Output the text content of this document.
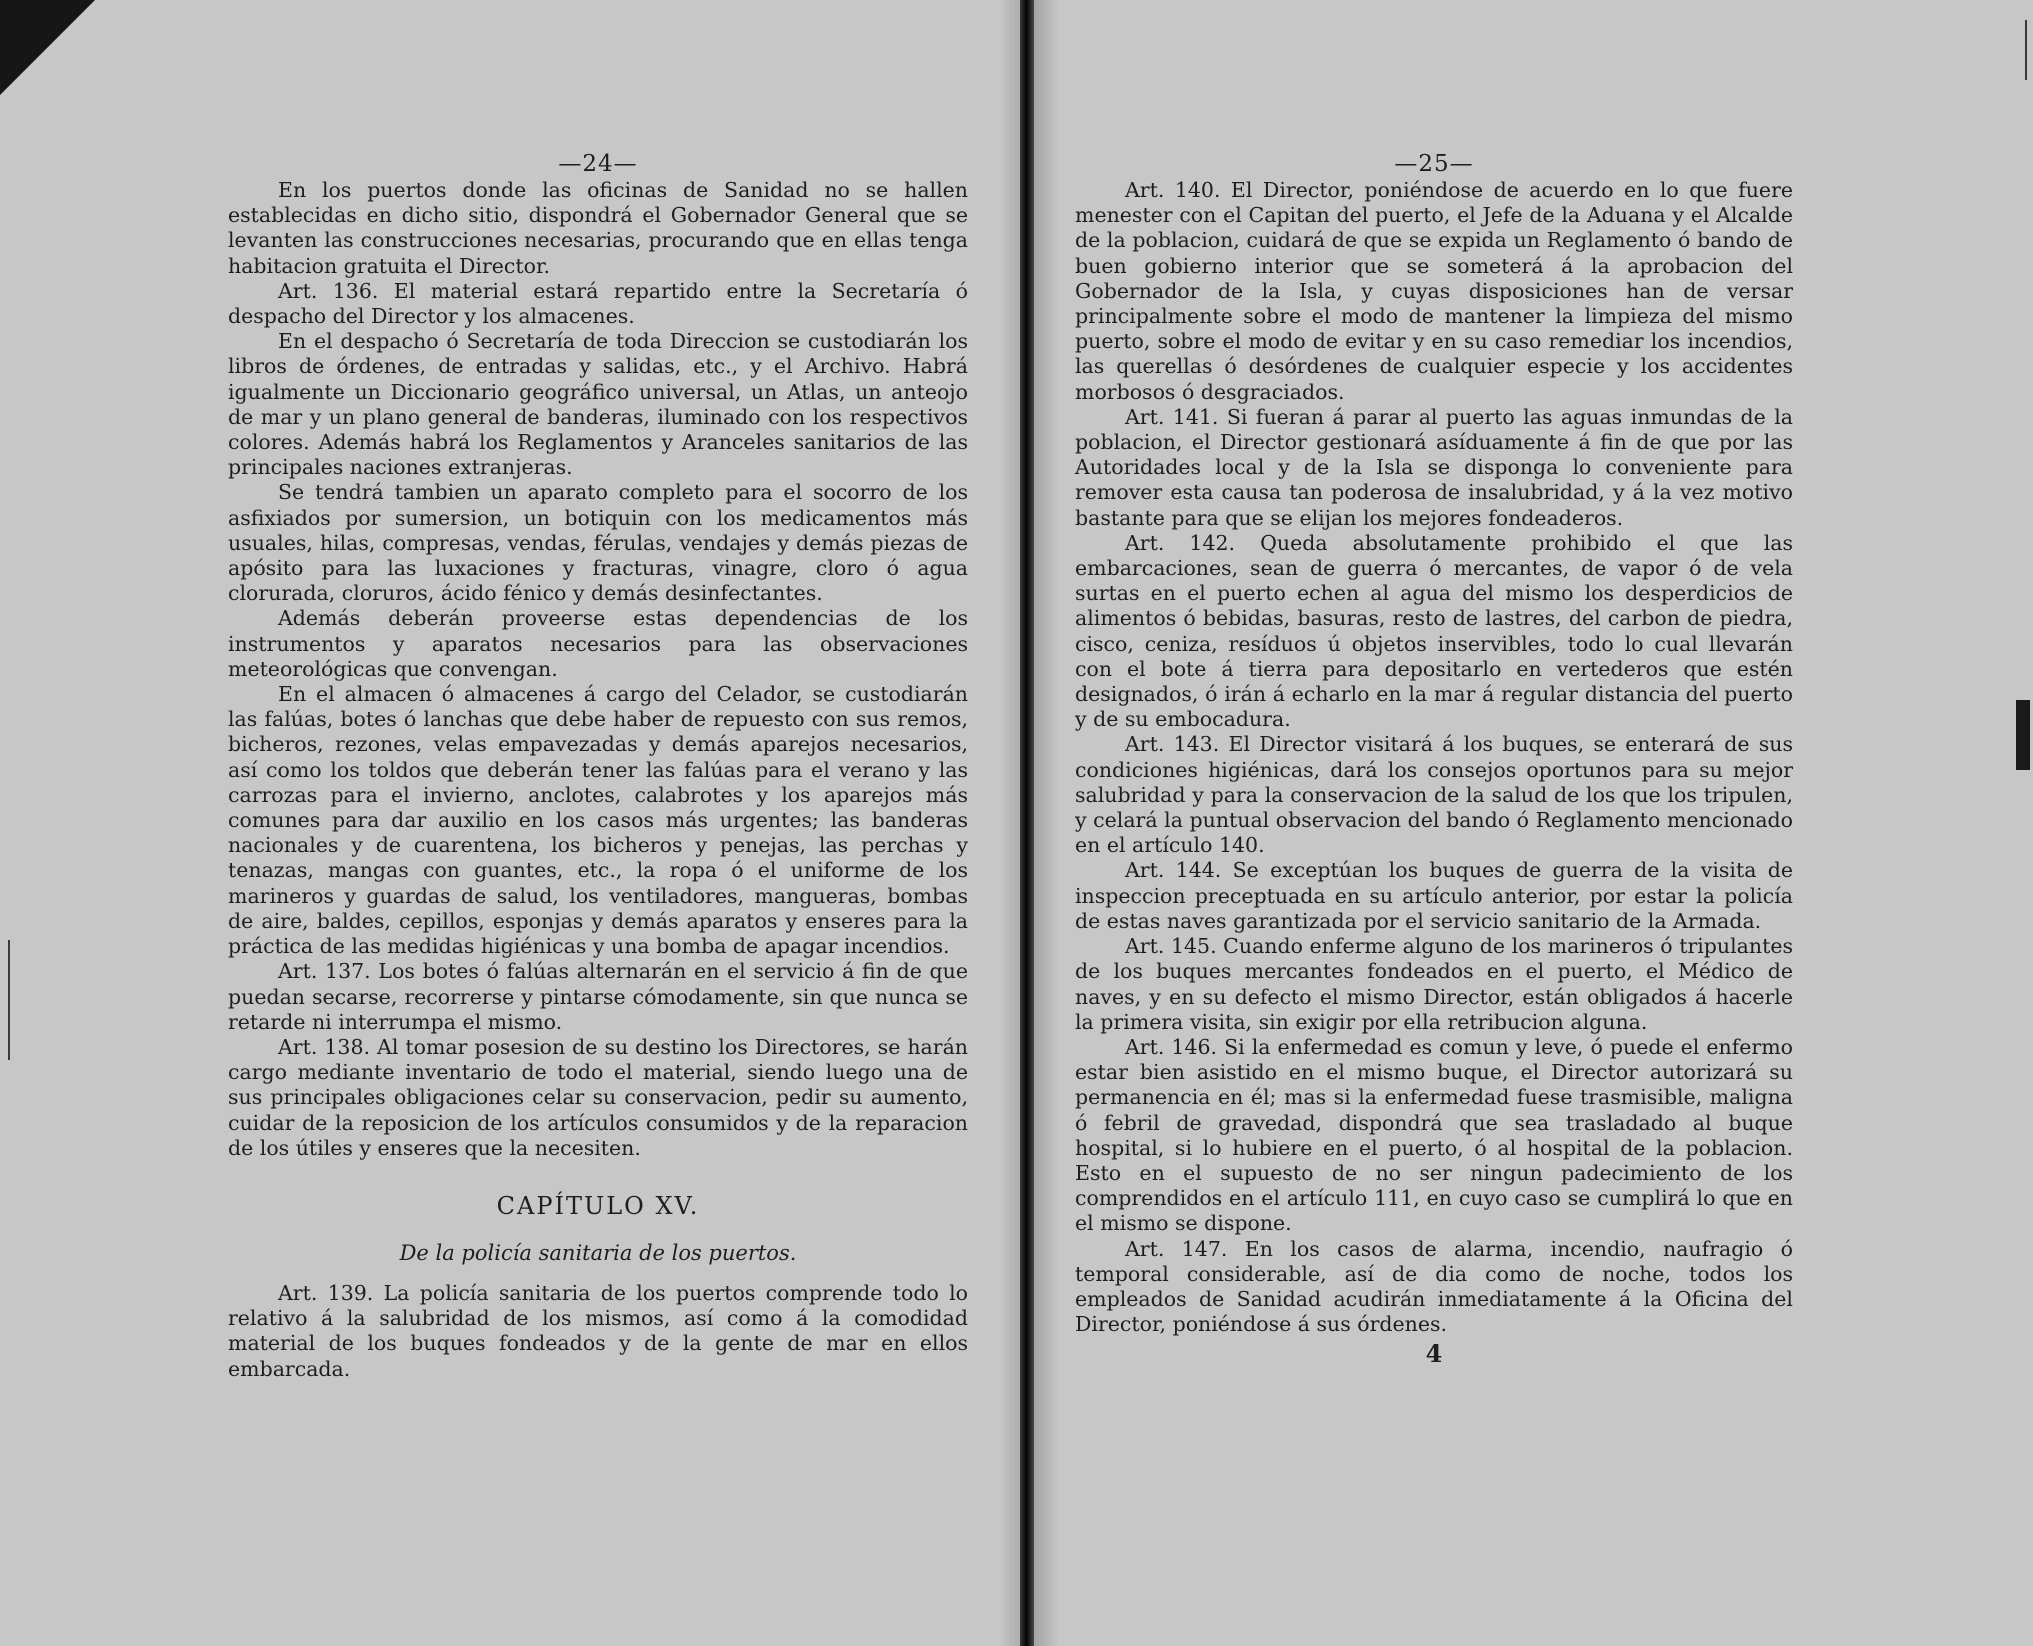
—24—

En los puertos donde las oficinas de Sanidad no se hallen establecidas en dicho sitio, dispondrá el Gobernador General que se levanten las construcciones necesarias, procurando que en ellas tenga habitacion gratuita el Director.

Art. 136. El material estará repartido entre la Secretaría ó despacho del Director y los almacenes.

En el despacho ó Secretaría de toda Direccion se custodiarán los libros de órdenes, de entradas y salidas, etc., y el Archivo. Habrá igualmente un Diccionario geográfico universal, un Atlas, un anteojo de mar y un plano general de banderas, iluminado con los respectivos colores. Además habrá los Reglamentos y Aranceles sanitarios de las principales naciones extranjeras.

Se tendrá tambien un aparato completo para el socorro de los asfixiados por sumersion, un botiquin con los medicamentos más usuales, hilas, compresas, vendas, férulas, vendajes y demás piezas de apósito para las luxaciones y fracturas, vinagre, cloro ó agua clorurada, cloruros, ácido fénico y demás desinfectantes.

Además deberán proveerse estas dependencias de los instrumentos y aparatos necesarios para las observaciones meteorológicas que convengan.

En el almacen ó almacenes á cargo del Celador, se custodiarán las falúas, botes ó lanchas que debe haber de repuesto con sus remos, bicheros, rezones, velas empavezadas y demás aparejos necesarios, así como los toldos que deberán tener las falúas para el verano y las carrozas para el invierno, anclotes, calabrotes y los aparejos más comunes para dar auxilio en los casos más urgentes; las banderas nacionales y de cuarentena, los bicheros y penejas, las perchas y tenazas, mangas con guantes, etc., la ropa ó el uniforme de los marineros y guardas de salud, los ventiladores, mangueras, bombas de aire, baldes, cepillos, esponjas y demás aparatos y enseres para la práctica de las medidas higiénicas y una bomba de apagar incendios.

Art. 137. Los botes ó falúas alternarán en el servicio á fin de que puedan secarse, recorrerse y pintarse cómodamente, sin que nunca se retarde ni interrumpa el mismo.

Art. 138. Al tomar posesion de su destino los Directores, se harán cargo mediante inventario de todo el material, siendo luego una de sus principales obligaciones celar su conservacion, pedir su aumento, cuidar de la reposicion de los artículos consumidos y de la reparacion de los útiles y enseres que la necesiten.

CAPÍTULO XV.
De la policía sanitaria de los puertos.

Art. 139. La policía sanitaria de los puertos comprende todo lo relativo á la salubridad de los mismos, así como á la comodidad material de los buques fondeados y de la gente de mar en ellos embarcada.

—25—

Art. 140. El Director, poniéndose de acuerdo en lo que fuere menester con el Capitan del puerto, el Jefe de la Aduana y el Alcalde de la poblacion, cuidará de que se expida un Reglamento ó bando de buen gobierno interior que se someterá á la aprobacion del Gobernador de la Isla, y cuyas disposiciones han de versar principalmente sobre el modo de mantener la limpieza del mismo puerto, sobre el modo de evitar y en su caso remediar los incendios, las querellas ó desórdenes de cualquier especie y los accidentes morbosos ó desgraciados.

Art. 141. Si fueran á parar al puerto las aguas inmundas de la poblacion, el Director gestionará asíduamente á fin de que por las Autoridades local y de la Isla se disponga lo conveniente para remover esta causa tan poderosa de insalubridad, y á la vez motivo bastante para que se elijan los mejores fondeaderos.

Art. 142. Queda absolutamente prohibido el que las embarcaciones, sean de guerra ó mercantes, de vapor ó de vela surtas en el puerto echen al agua del mismo los desperdicios de alimentos ó bebidas, basuras, resto de lastres, del carbon de piedra, cisco, ceniza, resíduos ú objetos inservibles, todo lo cual llevarán con el bote á tierra para depositarlo en vertederos que estén designados, ó irán á echarlo en la mar á regular distancia del puerto y de su embocadura.

Art. 143. El Director visitará á los buques, se enterará de sus condiciones higiénicas, dará los consejos oportunos para su mejor salubridad y para la conservacion de la salud de los que los tripulen, y celará la puntual observacion del bando ó Reglamento mencionado en el artículo 140.

Art. 144. Se exceptúan los buques de guerra de la visita de inspeccion preceptuada en su artículo anterior, por estar la policía de estas naves garantizada por el servicio sanitario de la Armada.

Art. 145. Cuando enferme alguno de los marineros ó tripulantes de los buques mercantes fondeados en el puerto, el Médico de naves, y en su defecto el mismo Director, están obligados á hacerle la primera visita, sin exigir por ella retribucion alguna.

Art. 146. Si la enfermedad es comun y leve, ó puede el enfermo estar bien asistido en el mismo buque, el Director autorizará su permanencia en él; mas si la enfermedad fuese trasmisible, maligna ó febril de gravedad, dispondrá que sea trasladado al buque hospital, si lo hubiere en el puerto, ó al hospital de la poblacion. Esto en el supuesto de no ser ningun padecimiento de los comprendidos en el artículo 111, en cuyo caso se cumplirá lo que en el mismo se dispone.

Art. 147. En los casos de alarma, incendio, naufragio ó temporal considerable, así de dia como de noche, todos los empleados de Sanidad acudirán inmediatamente á la Oficina del Director, poniéndose á sus órdenes.

4
